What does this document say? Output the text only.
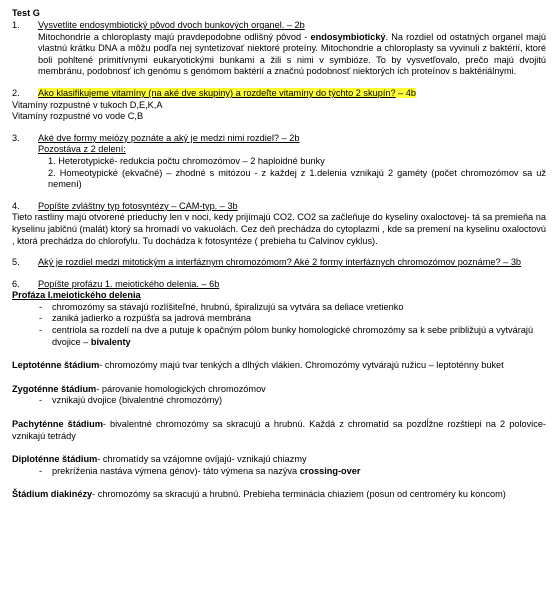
Test G
1.	Vysvetlite endosymbiotický pôvod dvoch bunkových organel. – 2b
Mitochondrie a chloroplasty majú pravdepodobne odlišný pôvod - endosymbiotický. Na rozdiel od ostatných organel majú vlastnú krátku DNA a môžu podľa nej syntetizovať niektoré proteíny. Mitochondrie a chloroplasty sa vyvinuli z baktérií, ktoré boli pohltené primitívnymi eukaryotickými bunkami a žili s nimi v symbióze. To by vysvetľovalo, prečo majú dvojitú membránu, podobnosť ich genómu s genómom baktérií a značnú podobnosť niektorých ich proteínov s baktériálnymi.
2.	Ako klasifikujeme vitamíny (na aké dve skupiny) a rozdeľte vitamíny do týchto 2 skupín? – 4b
Vitamíny rozpustné v tukoch D,E,K,A
Vitamíny rozpustné vo vode C,B
3.	Aké dve formy meiózy poznáte a aký je medzi nimi rozdiel? – 2b
Pozostáva z 2 delení:
1. Heterotypické- redukcia počtu chromozómov – 2 haploidné bunky
2. Homeotypické (ekvačné) – zhodné s mitózou - z každej z 1.delenia vznikajú 2 gaméty (počet chromozómov sa už nemení)
4.	Popíšte zvláštny typ fotosyntézy – CAM-typ. – 3b
Tieto rastliny majú otvorené prieduchy len v noci, kedy prijímajú CO2. CO2 sa začleňuje do kyseliny oxaloctovej- tá sa premieňa na kyselinu jablčnú (malát) ktorý sa hromadí vo vakuolách. Cez deň prechádza do cytoplazmi , kde sa premení na kyselinu oxaloctovú , ktorá prechádza do chlorofylu. Tu dochádza k fotosyntéze ( prebieha tu Calvinov cyklus).
5.	Aký je rozdiel medzi mitotickým a interfáznym chromozómom? Aké 2 formy interfáznych chromozómov poznáme? – 3b
6.	Popíšte profázu 1. meiotického delenia. – 6b
Profáza I.meiotického delenia
-	chromozómy sa stávajú rozlíšiteľné, hrubnú, špiralizujú sa vytvára sa deliace vretienko
-	zaniká jadierko a rozpúšťa sa jadrová membrána
-	centriola sa rozdelí na dve a putuje k opačným pólom bunky homologické chromozómy sa k sebe približujú a vytvárajú dvojice – bivalenty
Leptoténne štádium- chromozómy majú tvar tenkých a dlhých vlákien. Chromozómy vytvárajú ružicu – leptoténny buket
Zygoténne štádium- párovanie homologických chromozómov
-	vznikajú dvojice (bivalentné chromozómy)
Pachyténne štádium- bivalentné chromozómy sa skracujú a hrubnú. Každá z chromatíd sa pozdĺžne rozštiepi na 2 polovice- vznikajú tetrády
Diploténne štádium- chromatídy sa vzájomne ovíjajú- vznikajú chiazmy
-	prekríženia nastáva výmena génov)- táto výmena sa nazýva crossing-over
Štádium diakinézy- chromozómy sa skracujú a hrubnú. Prebieha terminácia chiaziem (posun od centroméry ku koncom)
